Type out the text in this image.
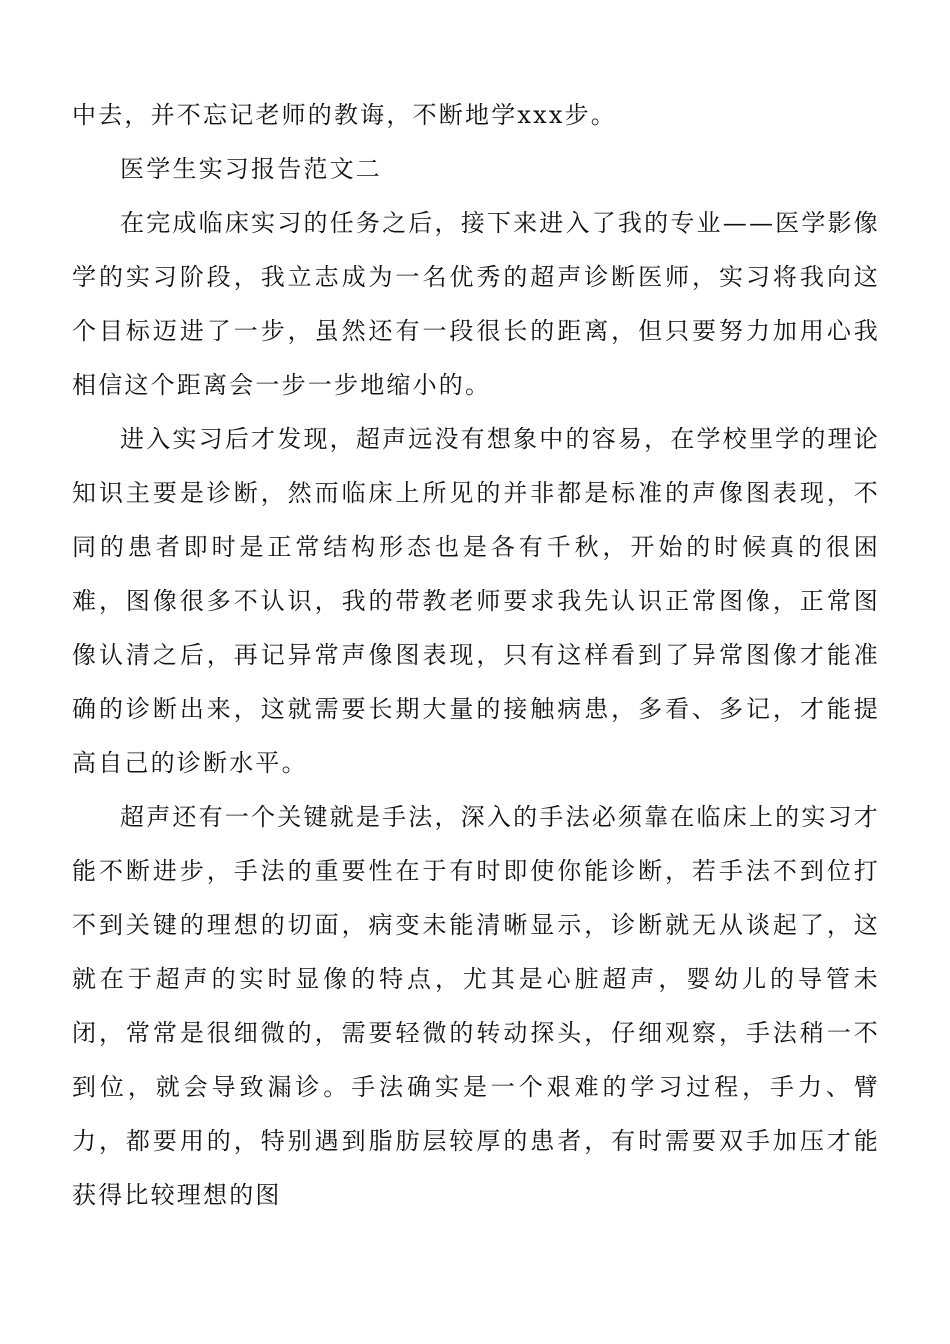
中去，并不忘记老师的教诲，不断地学xxx步。

医学生实习报告范文二

在完成临床实习的任务之后，接下来进入了我的专业——医学影像学的实习阶段，我立志成为一名优秀的超声诊断医师，实习将我向这个目标迈进了一步，虽然还有一段很长的距离，但只要努力加用心我相信这个距离会一步一步地缩小的。

进入实习后才发现，超声远没有想象中的容易，在学校里学的理论知识主要是诊断，然而临床上所见的并非都是标准的声像图表现，不同的患者即时是正常结构形态也是各有千秋，开始的时候真的很困难，图像很多不认识，我的带教老师要求我先认识正常图像，正常图像认清之后，再记异常声像图表现，只有这样看到了异常图像才能准确的诊断出来，这就需要长期大量的接触病患，多看、多记，才能提高自己的诊断水平。

超声还有一个关键就是手法，深入的手法必须靠在临床上的实习才能不断进步，手法的重要性在于有时即使你能诊断，若手法不到位打不到关键的理想的切面，病变未能清晰显示，诊断就无从谈起了，这就在于超声的实时显像的特点，尤其是心脏超声，婴幼儿的导管未闭，常常是很细微的，需要轻微的转动探头，仔细观察，手法稍一不到位，就会导致漏诊。手法确实是一个艰难的学习过程，手力、臂力，都要用的，特别遇到脂肪层较厚的患者，有时需要双手加压才能获得比较理想的图
